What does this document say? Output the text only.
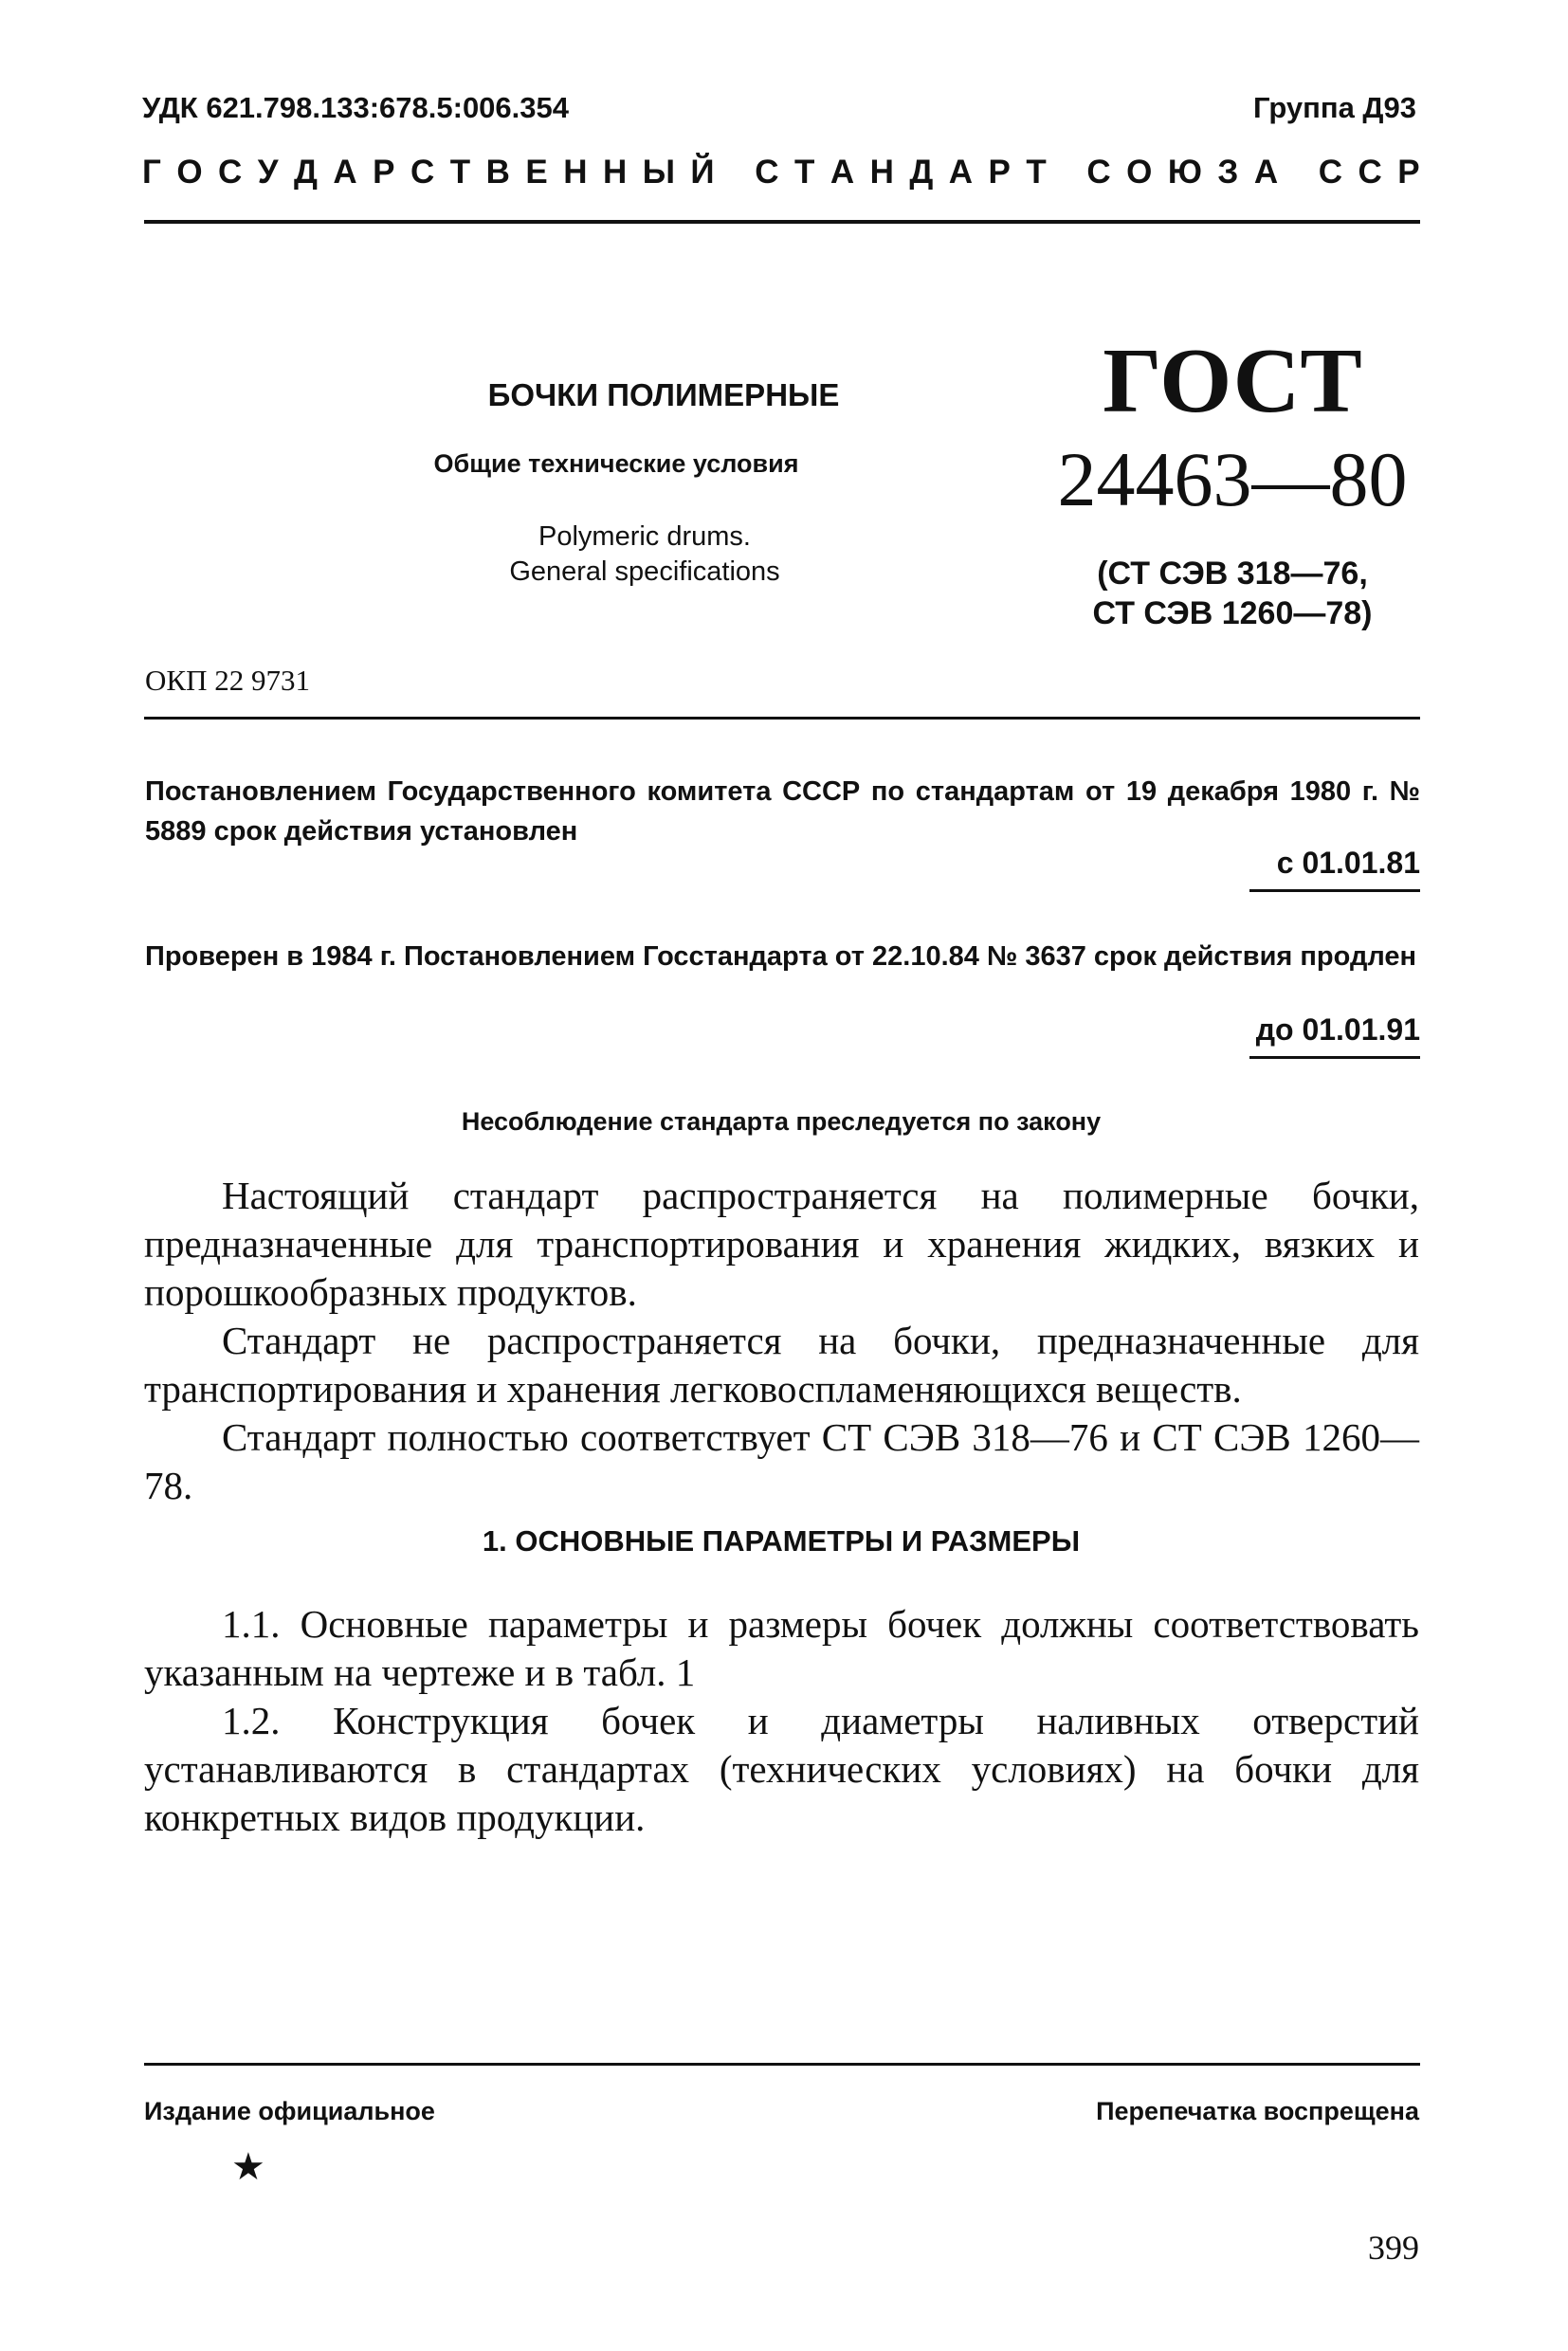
УДК 621.798.133:678.5:006.354	Группа Д93
Г О С У Д А Р С Т В Е Н Н Ы Й
С Т А Н Д А Р Т
С О Ю З А
С С Р
БОЧКИ ПОЛИМЕРНЫЕ
Общие технические условия
Polymeric drums.
General specifications
ГОСТ
24463—80
(СТ СЭВ 318—76,
СТ СЭВ 1260—78)
ОКП 22 9731
Постановлением Государственного комитета СССР по стандартам от 19 декабря 1980 г. № 5889 срок действия установлен
с 01.01.81
Проверен в 1984 г. Постановлением Госстандарта от 22.10.84 № 3637 срок действия продлен
до 01.01.91
Несоблюдение стандарта преследуется по закону

Настоящий стандарт распространяется на полимерные бочки, предназначенные для транспортирования и хранения жидких, вязких и порошкообразных продуктов.

Стандарт не распространяется на бочки, предназначенные для транспортирования и хранения легковоспламеняющихся веществ.

Стандарт полностью соответствует СТ СЭВ 318—76 и СТ СЭВ 1260—78.

1. ОСНОВНЫЕ ПАРАМЕТРЫ И РАЗМЕРЫ

1.1. Основные параметры и размеры бочек должны соответствовать указанным на чертеже и в табл. 1

1.2. Конструкция бочек и диаметры наливных отверстий устанавливаются в стандартах (технических условиях) на бочки для конкретных видов продукции.

Издание официальное	Перепечатка воспрещена
★
399
